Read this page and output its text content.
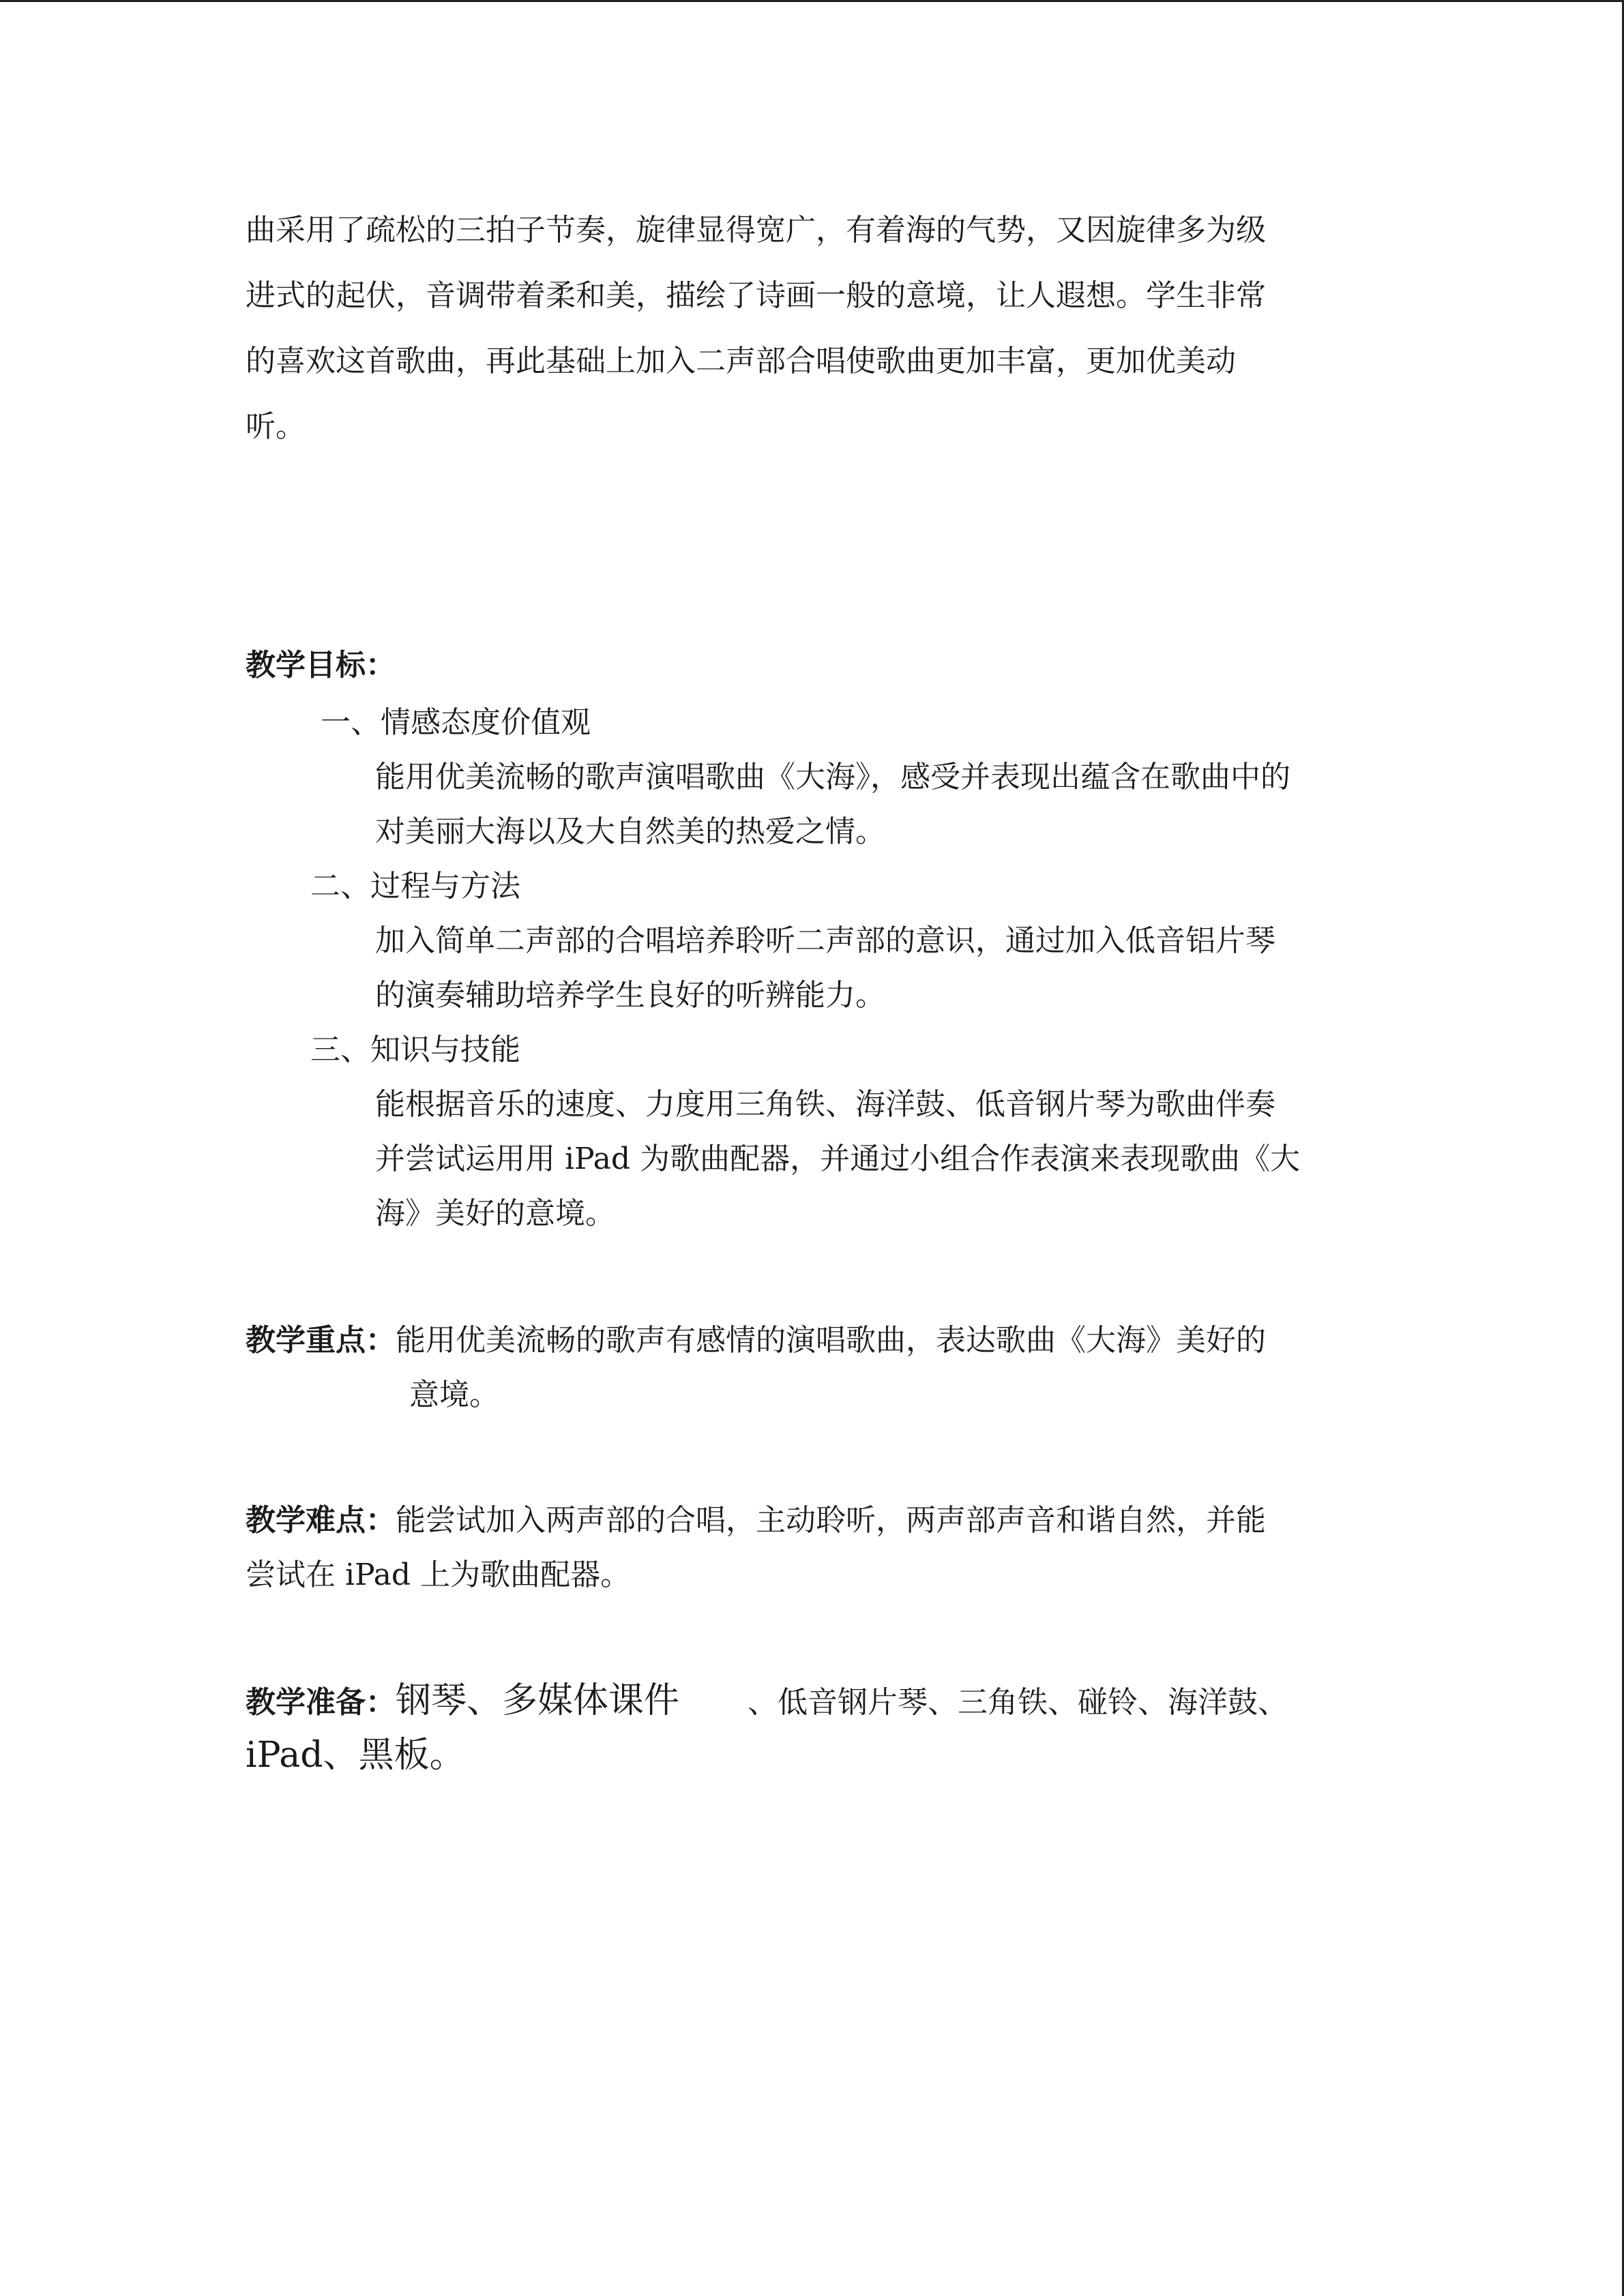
曲采用了疏松的三拍子节奏，旋律显得宽广，有着海的气势，又因旋律多为级

进式的起伏，音调带着柔和美，描绘了诗画一般的意境，让人遐想。学生非常

的喜欢这首歌曲，再此基础上加入二声部合唱使歌曲更加丰富，更加优美动

听。

教学目标：
一、情感态度价值观
能用优美流畅的歌声演唱歌曲《大海》，感受并表现出蕴含在歌曲中的
对美丽大海以及大自然美的热爱之情。
二、过程与方法
加入简单二声部的合唱培养聆听二声部的意识，通过加入低音铝片琴
的演奏辅助培养学生良好的听辨能力。
三、知识与技能
能根据音乐的速度、力度用三角铁、海洋鼓、低音钢片琴为歌曲伴奏
并尝试运用用 iPad 为歌曲配器，并通过小组合作表演来表现歌曲《大
海》美好的意境。
教学重点：能用优美流畅的歌声有感情的演唱歌曲，表达歌曲《大海》美好的
意境。
教学难点：能尝试加入两声部的合唱，主动聆听，两声部声音和谐自然，并能
尝试在 iPad 上为歌曲配器。
教学准备：钢琴、多媒体课件 、低音钢片琴、三角铁、碰铃、海洋鼓、
iPad、黑板。
